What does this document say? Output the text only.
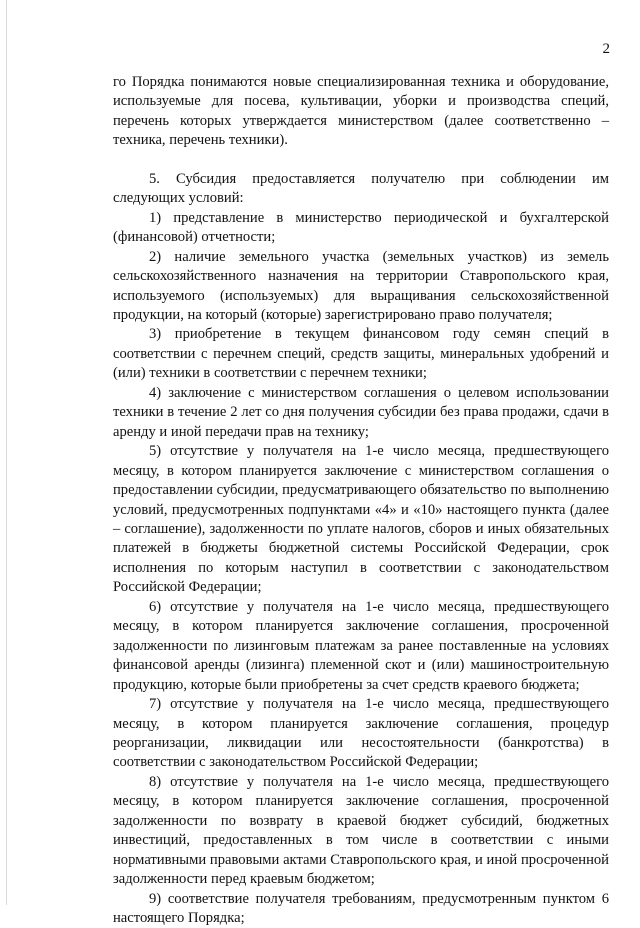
2

го Порядка понимаются новые специализированная техника и оборудование, используемые для посева, культивации, уборки и производства специй, перечень которых утверждается министерством (далее соответственно – техника, перечень техники).

5. Субсидия предоставляется получателю при соблюдении им следующих условий:

1) представление в министерство периодической и бухгалтерской (финансовой) отчетности;

2) наличие земельного участка (земельных участков) из земель сельскохозяйственного назначения на территории Ставропольского края, используемого (используемых) для выращивания сельскохозяйственной продукции, на который (которые) зарегистрировано право получателя;

3) приобретение в текущем финансовом году семян специй в соответствии с перечнем специй, средств защиты, минеральных удобрений и (или) техники в соответствии с перечнем техники;

4) заключение с министерством соглашения о целевом использовании техники в течение 2 лет со дня получения субсидии без права продажи, сдачи в аренду и иной передачи прав на технику;

5) отсутствие у получателя на 1-е число месяца, предшествующего месяцу, в котором планируется заключение с министерством соглашения о предоставлении субсидии, предусматривающего обязательство по выполнению условий, предусмотренных подпунктами «4» и «10» настоящего пункта (далее – соглашение), задолженности по уплате налогов, сборов и иных обязательных платежей в бюджеты бюджетной системы Российской Федерации, срок исполнения по которым наступил в соответствии с законодательством Российской Федерации;

6) отсутствие у получателя на 1-е число месяца, предшествующего месяцу, в котором планируется заключение соглашения, просроченной задолженности по лизинговым платежам за ранее поставленные на условиях финансовой аренды (лизинга) племенной скот и (или) машиностроительную продукцию, которые были приобретены за счет средств краевого бюджета;

7) отсутствие у получателя на 1-е число месяца, предшествующего месяцу, в котором планируется заключение соглашения, процедур реорганизации, ликвидации или несостоятельности (банкротства) в соответствии с законодательством Российской Федерации;

8) отсутствие у получателя на 1-е число месяца, предшествующего месяцу, в котором планируется заключение соглашения, просроченной задолженности по возврату в краевой бюджет субсидий, бюджетных инвестиций, предоставленных в том числе в соответствии с иными нормативными правовыми актами Ставропольского края, и иной просроченной задолженности перед краевым бюджетом;

9) соответствие получателя требованиям, предусмотренным пунктом 6 настоящего Порядка;
